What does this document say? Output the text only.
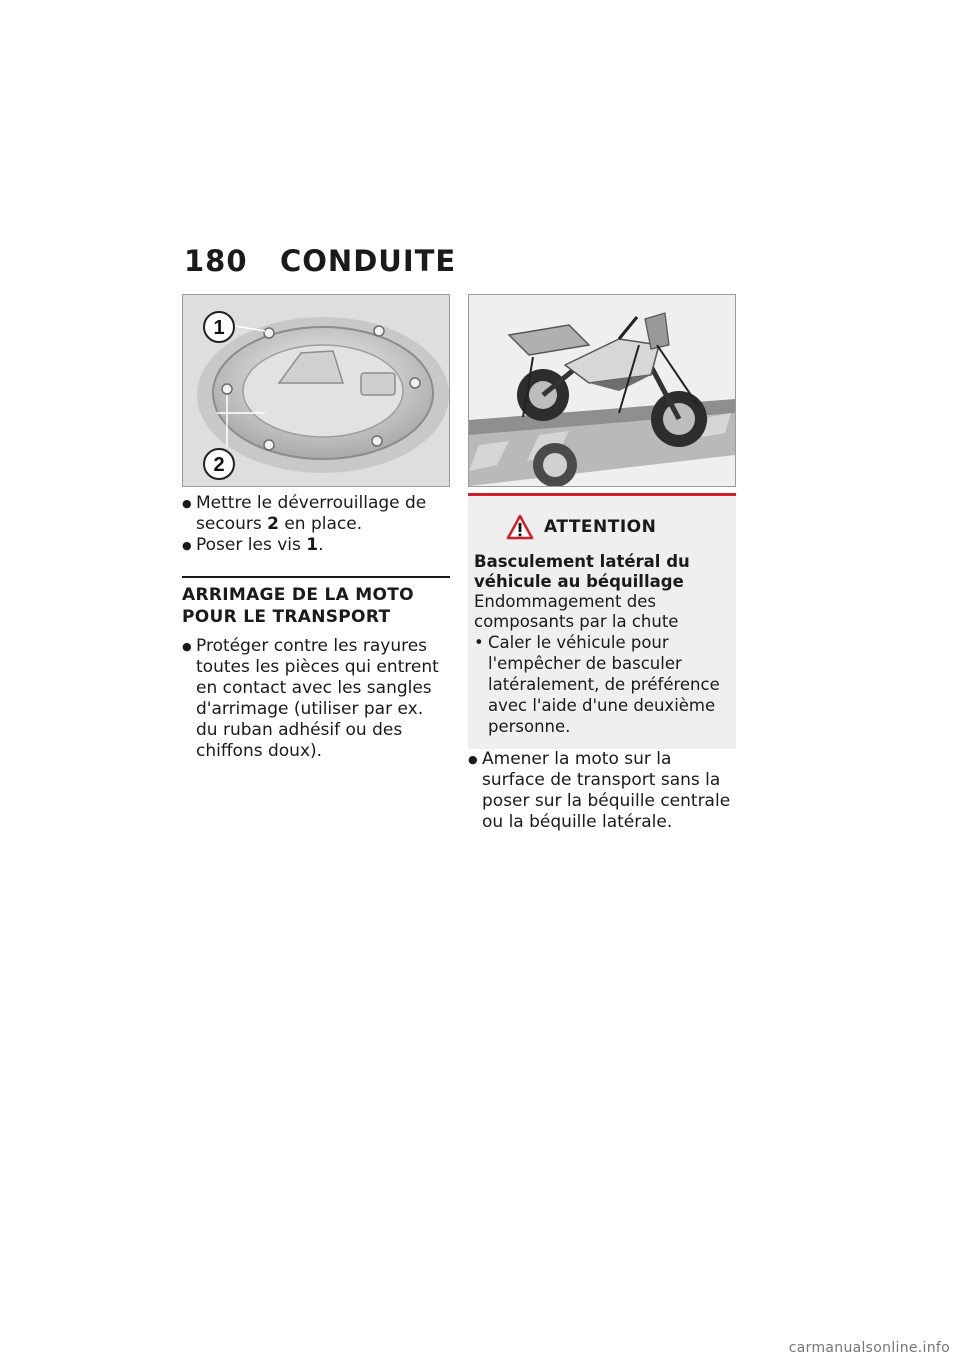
180	CONDUITE
1
2
● Mettre le déverrouillage de secours 2 en place.
● Poser les vis 1.
ARRIMAGE DE LA MOTO POUR LE TRANSPORT
● Protéger contre les rayures toutes les pièces qui entrent en contact avec les sangles d'arrimage (utiliser par ex. du ruban adhésif ou des chiffons doux).
ATTENTION
Basculement latéral du véhicule au béquillage
Endommagement des composants par la chute
• Caler le véhicule pour l'empêcher de basculer latéralement, de préférence avec l'aide d'une deuxième personne.
● Amener la moto sur la surface de transport sans la poser sur la béquille centrale ou la béquille latérale.
carmanualsonline.info
